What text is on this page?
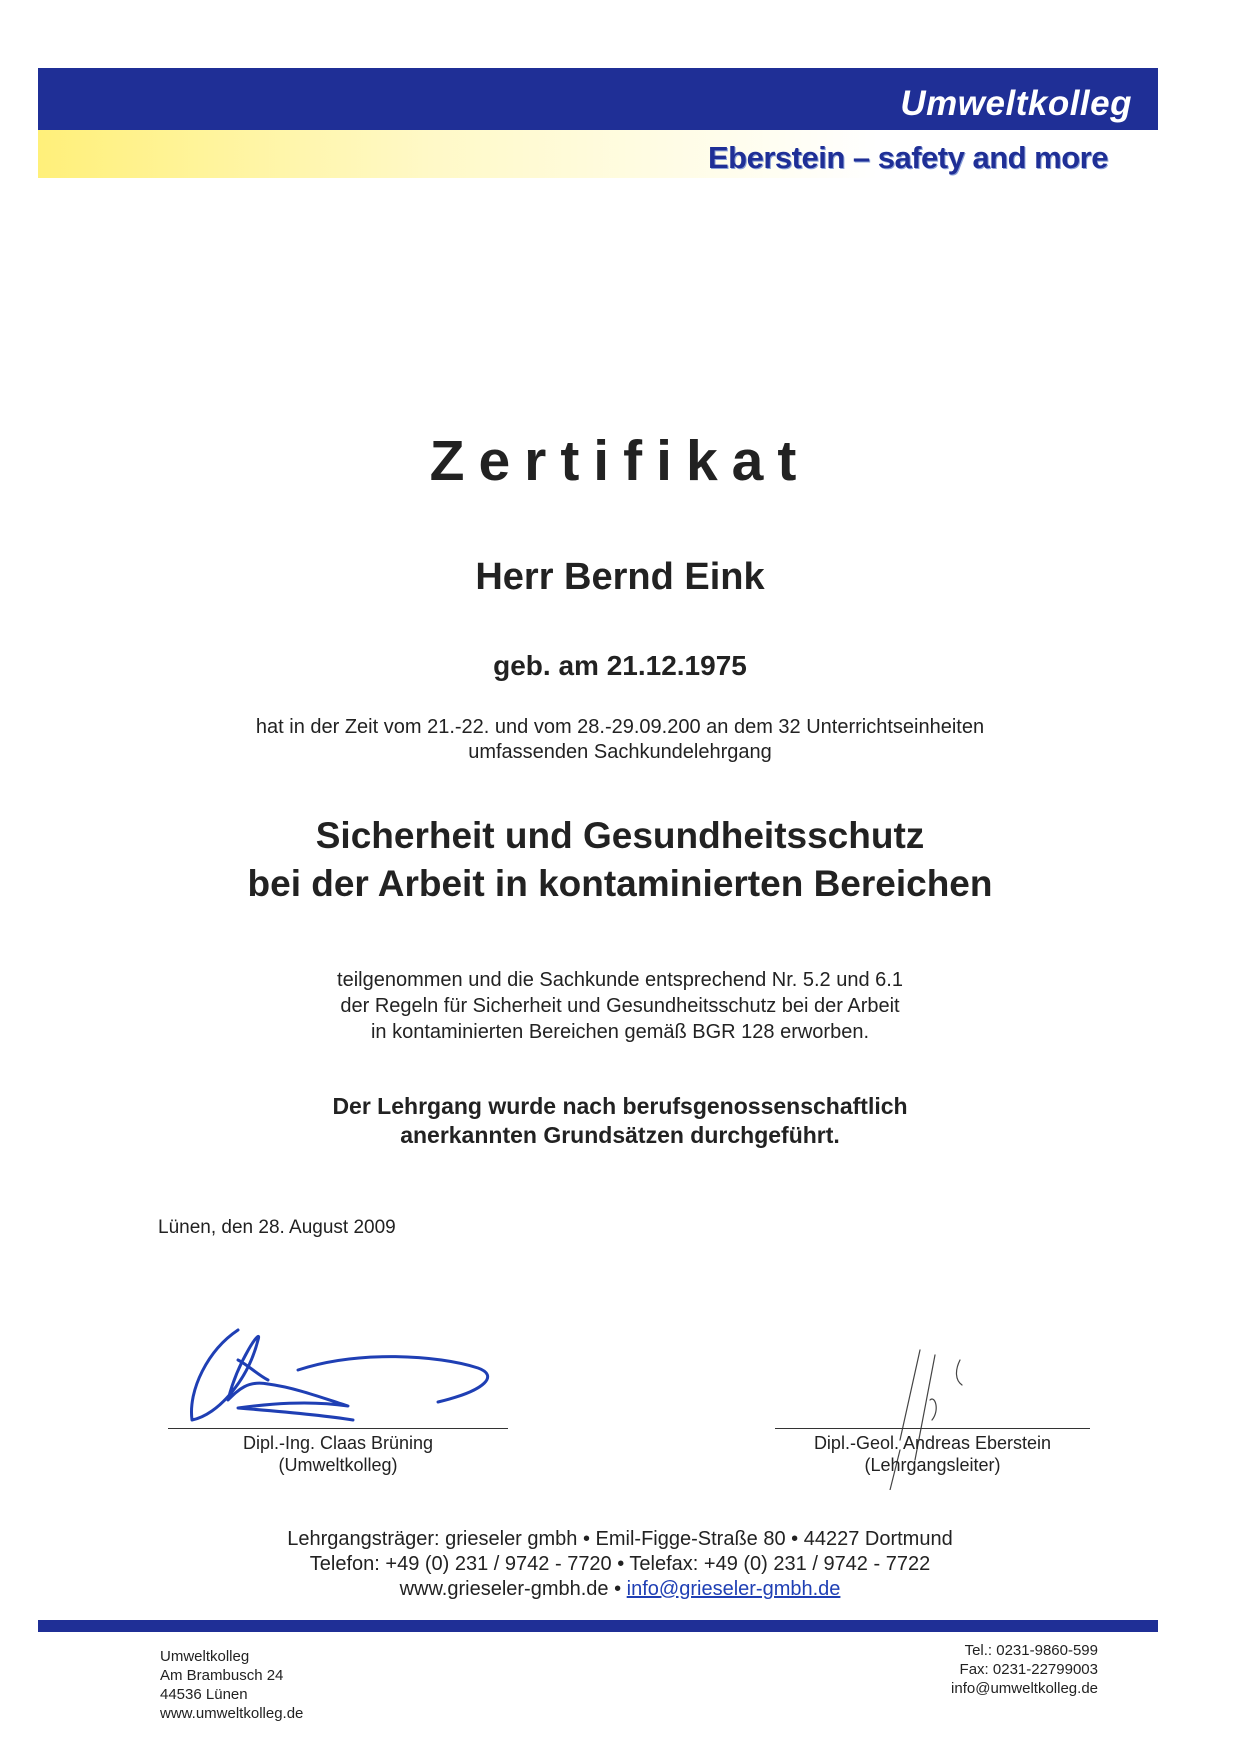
Umweltkolleg
Eberstein – safety and more
Zertifikat
Herr Bernd Eink
geb. am 21.12.1975
hat in der Zeit vom 21.-22. und vom 28.-29.09.200 an dem 32 Unterrichtseinheiten
umfassenden Sachkundelehrgang
Sicherheit und Gesundheitsschutz
bei der Arbeit in kontaminierten Bereichen
teilgenommen und die Sachkunde entsprechend Nr. 5.2 und 6.1
der Regeln für Sicherheit und Gesundheitsschutz bei der Arbeit
in kontaminierten Bereichen gemäß BGR 128 erworben.
Der Lehrgang wurde nach berufsgenossenschaftlich
anerkannten Grundsätzen durchgeführt.
Lünen, den 28. August 2009
Dipl.-Ing. Claas Brüning
(Umweltkolleg)
Dipl.-Geol. Andreas Eberstein
(Lehrgangsleiter)
Lehrgangsträger: grieseler gmbh • Emil-Figge-Straße 80 • 44227 Dortmund
Telefon: +49 (0) 231 / 9742 - 7720 • Telefax: +49 (0) 231 / 9742 - 7722
www.grieseler-gmbh.de • info@grieseler-gmbh.de
Umweltkolleg
Am Brambusch 24
44536 Lünen
www.umweltkolleg.de
Tel.: 0231-9860-599
Fax: 0231-22799003
info@umweltkolleg.de
